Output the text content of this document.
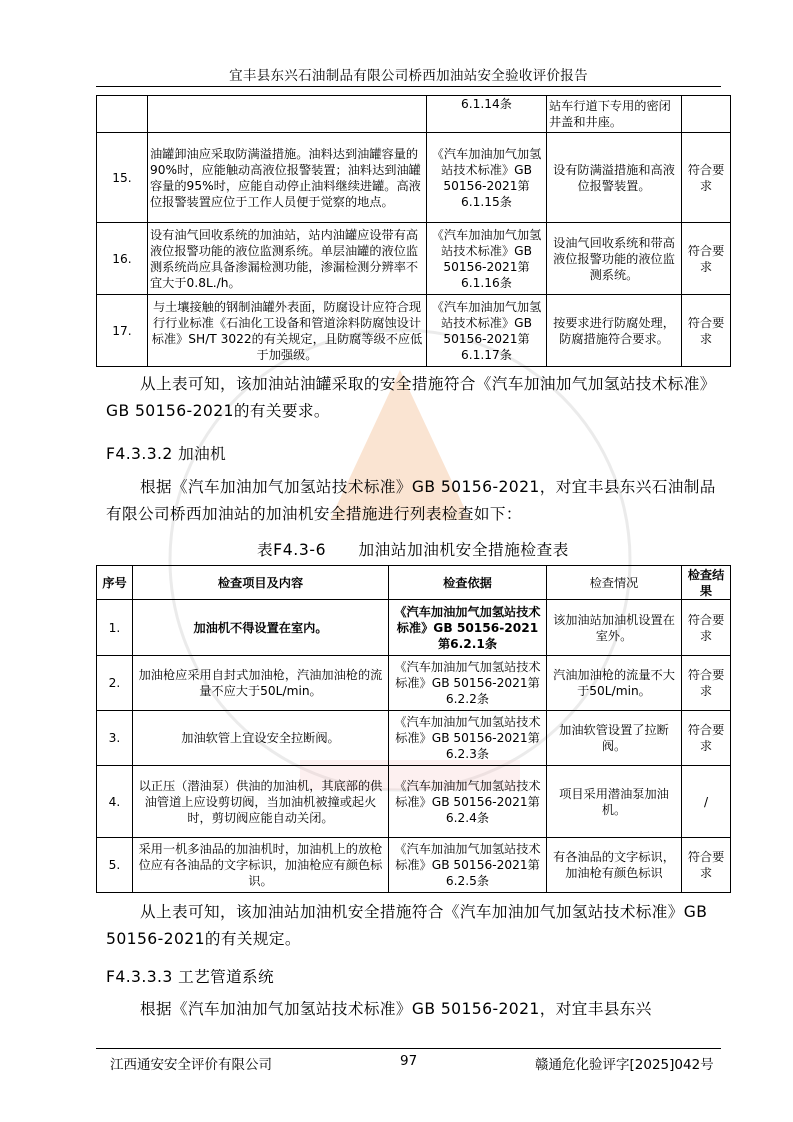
宜丰县东兴石油制品有限公司桥西加油站安全验收评价报告
		6.1.14条	站车行道下专用的密闭井盖和井座。	
15.	油罐卸油应采取防满溢措施。油料达到油罐容量的90%时，应能触动高液位报警装置；油料达到油罐容量的95%时，应能自动停止油料继续进罐。高液位报警装置应位于工作人员便于觉察的地点。	《汽车加油加气加氢站技术标准》GB 50156-2021第6.1.15条	设有防满溢措施和高液位报警装置。	符合要求
16.	设有油气回收系统的加油站，站内油罐应设带有高液位报警功能的液位监测系统。单层油罐的液位监测系统尚应具备渗漏检测功能，渗漏检测分辨率不宜大于0.8L./h。	《汽车加油加气加氢站技术标准》GB 50156-2021第6.1.16条	设油气回收系统和带高液位报警功能的液位监测系统。	符合要求
17.	与土壤接触的钢制油罐外表面，防腐设计应符合现行行业标准《石油化工设备和管道涂料防腐蚀设计标准》SH/T 3022的有关规定，且防腐等级不应低于加强级。	《汽车加油加气加氢站技术标准》GB 50156-2021第6.1.17条	按要求进行防腐处理，防腐措施符合要求。	符合要求
从上表可知，该加油站油罐采取的安全措施符合《汽车加油加气加氢站技术标准》GB 50156-2021的有关要求。
F4.3.3.2 加油机
根据《汽车加油加气加氢站技术标准》GB 50156-2021，对宜丰县东兴石油制品有限公司桥西加油站的加油机安全措施进行列表检查如下：
表F4.3-6　　加油站加油机安全措施检查表
序号	检查项目及内容	检查依据	检查情况	检查结果
1.	加油机不得设置在室内。	《汽车加油加气加氢站技术标准》GB 50156-2021第6.2.1条	该加油站加油机设置在室外。	符合要求
2.	加油枪应采用自封式加油枪，汽油加油枪的流量不应大于50L/min。	《汽车加油加气加氢站技术标准》GB 50156-2021第6.2.2条	汽油加油枪的流量不大于50L/min。	符合要求
3.	加油软管上宜设安全拉断阀。	《汽车加油加气加氢站技术标准》GB 50156-2021第6.2.3条	加油软管设置了拉断阀。	符合要求
4.	以正压（潜油泵）供油的加油机，其底部的供油管道上应设剪切阀，当加油机被撞或起火时，剪切阀应能自动关闭。	《汽车加油加气加氢站技术标准》GB 50156-2021第6.2.4条	项目采用潜油泵加油机。	/
5.	采用一机多油品的加油机时，加油机上的放枪位应有各油品的文字标识，加油枪应有颜色标识。	《汽车加油加气加氢站技术标准》GB 50156-2021第6.2.5条	有各油品的文字标识，加油枪有颜色标识	符合要求
从上表可知，该加油站加油机安全措施符合《汽车加油加气加氢站技术标准》GB 50156-2021的有关规定。
F4.3.3.3 工艺管道系统
根据《汽车加油加气加氢站技术标准》GB 50156-2021，对宜丰县东兴
江西通安安全评价有限公司	97	赣通危化验评字[2025]042号
